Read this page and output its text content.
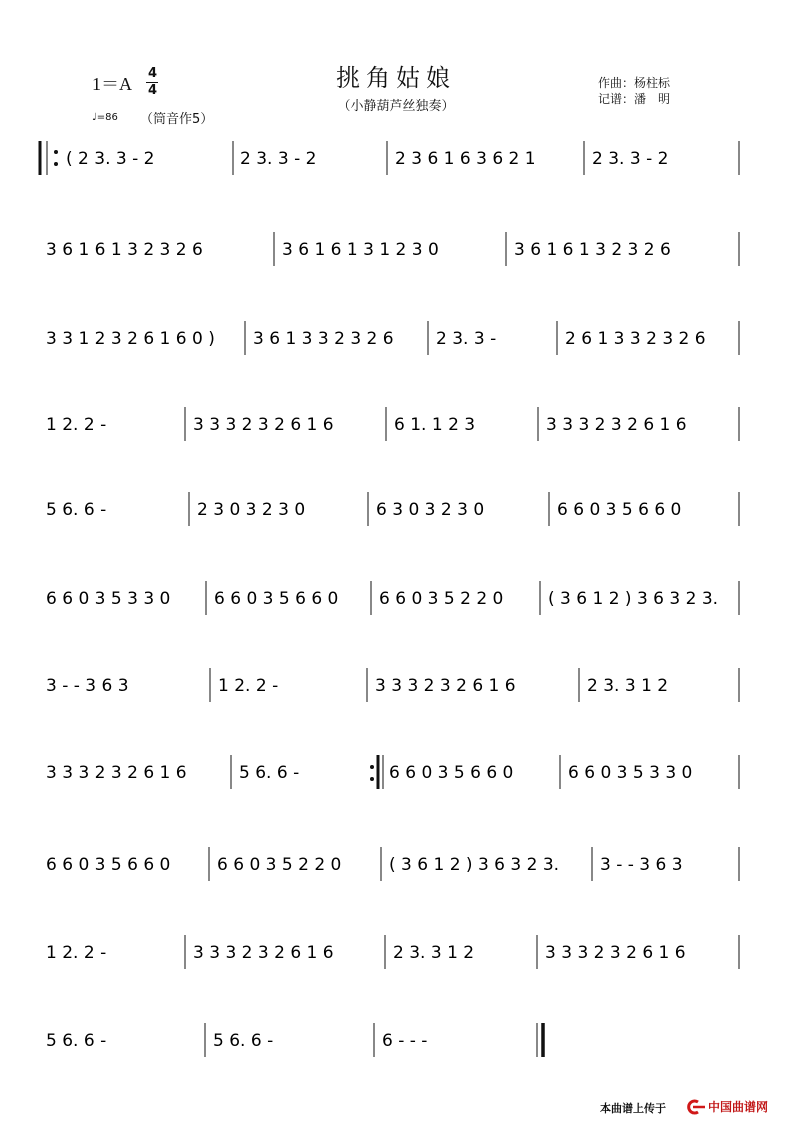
挑角姑娘
（小静葫芦丝独奏）
1＝A
4
4
♩=86 （筒音作5）
作曲：杨柱标
记谱：潘　明
本曲谱上传于	中国曲谱网
( 2 3. 3 - 2	2 3. 3 - 2	2 3 6 1 6 3 6 2 1	2 3. 3 - 2
3 6 1 6 1 3 2 3 2 6	3 6 1 6 1 3 1 2 3 0	3 6 1 6 1 3 2 3 2 6
3 3 1 2 3 2 6 1 6 0 ) 3 6 1 3 3 2 3 2 6 2 3. 3 -	2 6 1 3 3 2 3 2 6
1 2. 2 -	3 3 3 2 3 2 6 1 6	6 1. 1 2 3	3 3 3 2 3 2 6 1 6
5 6. 6 -	2 3 0 3 2 3 0	6 3 0 3 2 3 0	6 6 0 3 5 6 6 0
6 6 0 3 5 3 3 0	6 6 0 3 5 6 6 0 6 6 0 3 5 2 2 0	( 3 6 1 2 ) 3 6 3 2 3.
3 - - 3 6 3	1 2. 2 -	3 3 3 2 3 2 6 1 6	2 3. 3 1 2
3 3 3 2 3 2 6 1 6	5 6. 6 -	6 6 0 3 5 6 6 0	6 6 0 3 5 3 3 0
6 6 0 3 5 6 6 0	6 6 0 3 5 2 2 0	( 3 6 1 2 ) 3 6 3 2 3. 3 - - 3 6 3
1 2. 2 -	3 3 3 2 3 2 6 1 6	2 3. 3 1 2	3 3 3 2 3 2 6 1 6
5 6. 6 -	5 6. 6 -	6 - - -
